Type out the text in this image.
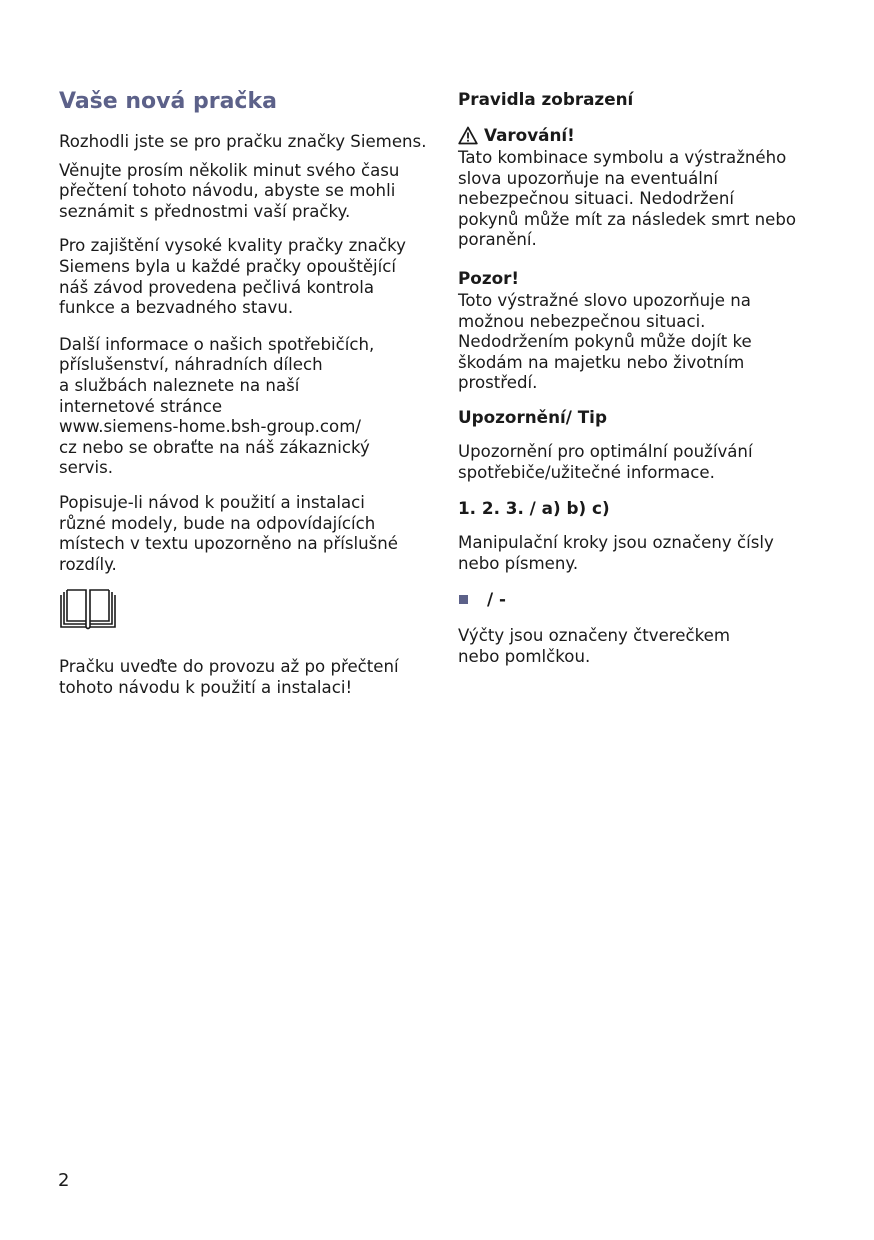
Vaše nová pračka

Rozhodli jste se pro pračku značky Siemens.

Věnujte prosím několik minut svého času
přečtení tohoto návodu, abyste se mohli
seznámit s přednostmi vaší pračky.

Pro zajištění vysoké kvality pračky značky
Siemens byla u každé pračky opouštějící
náš závod provedena pečlivá kontrola
funkce a bezvadného stavu.

Další informace o našich spotřebičích,
příslušenství, náhradních dílech
a službách naleznete na naší
internetové stránce
www.siemens-home.bsh-group.com/
cz nebo se obraťte na náš zákaznický
servis.

Popisuje-li návod k použití a instalaci
různé modely, bude na odpovídajících
místech v textu upozorněno na příslušné
rozdíly.

Pračku uveďte do provozu až po přečtení
tohoto návodu k použití a instalaci!

Pravidla zobrazení
Varování!

Tato kombinace symbolu a výstražného
slova upozorňuje na eventuální
nebezpečnou situaci. Nedodržení
pokynů může mít za následek smrt nebo
poranění.

Pozor!

Toto výstražné slovo upozorňuje na
možnou nebezpečnou situaci.
Nedodržením pokynů může dojít ke
škodám na majetku nebo životním
prostředí.

Upozornění/ Tip

Upozornění pro optimální používání
spotřebiče/užitečné informace.

1. 2. 3. / a) b) c)

Manipulační kroky jsou označeny čísly
nebo písmeny.

/ -

Výčty jsou označeny čtverečkem
nebo pomlčkou.

2
